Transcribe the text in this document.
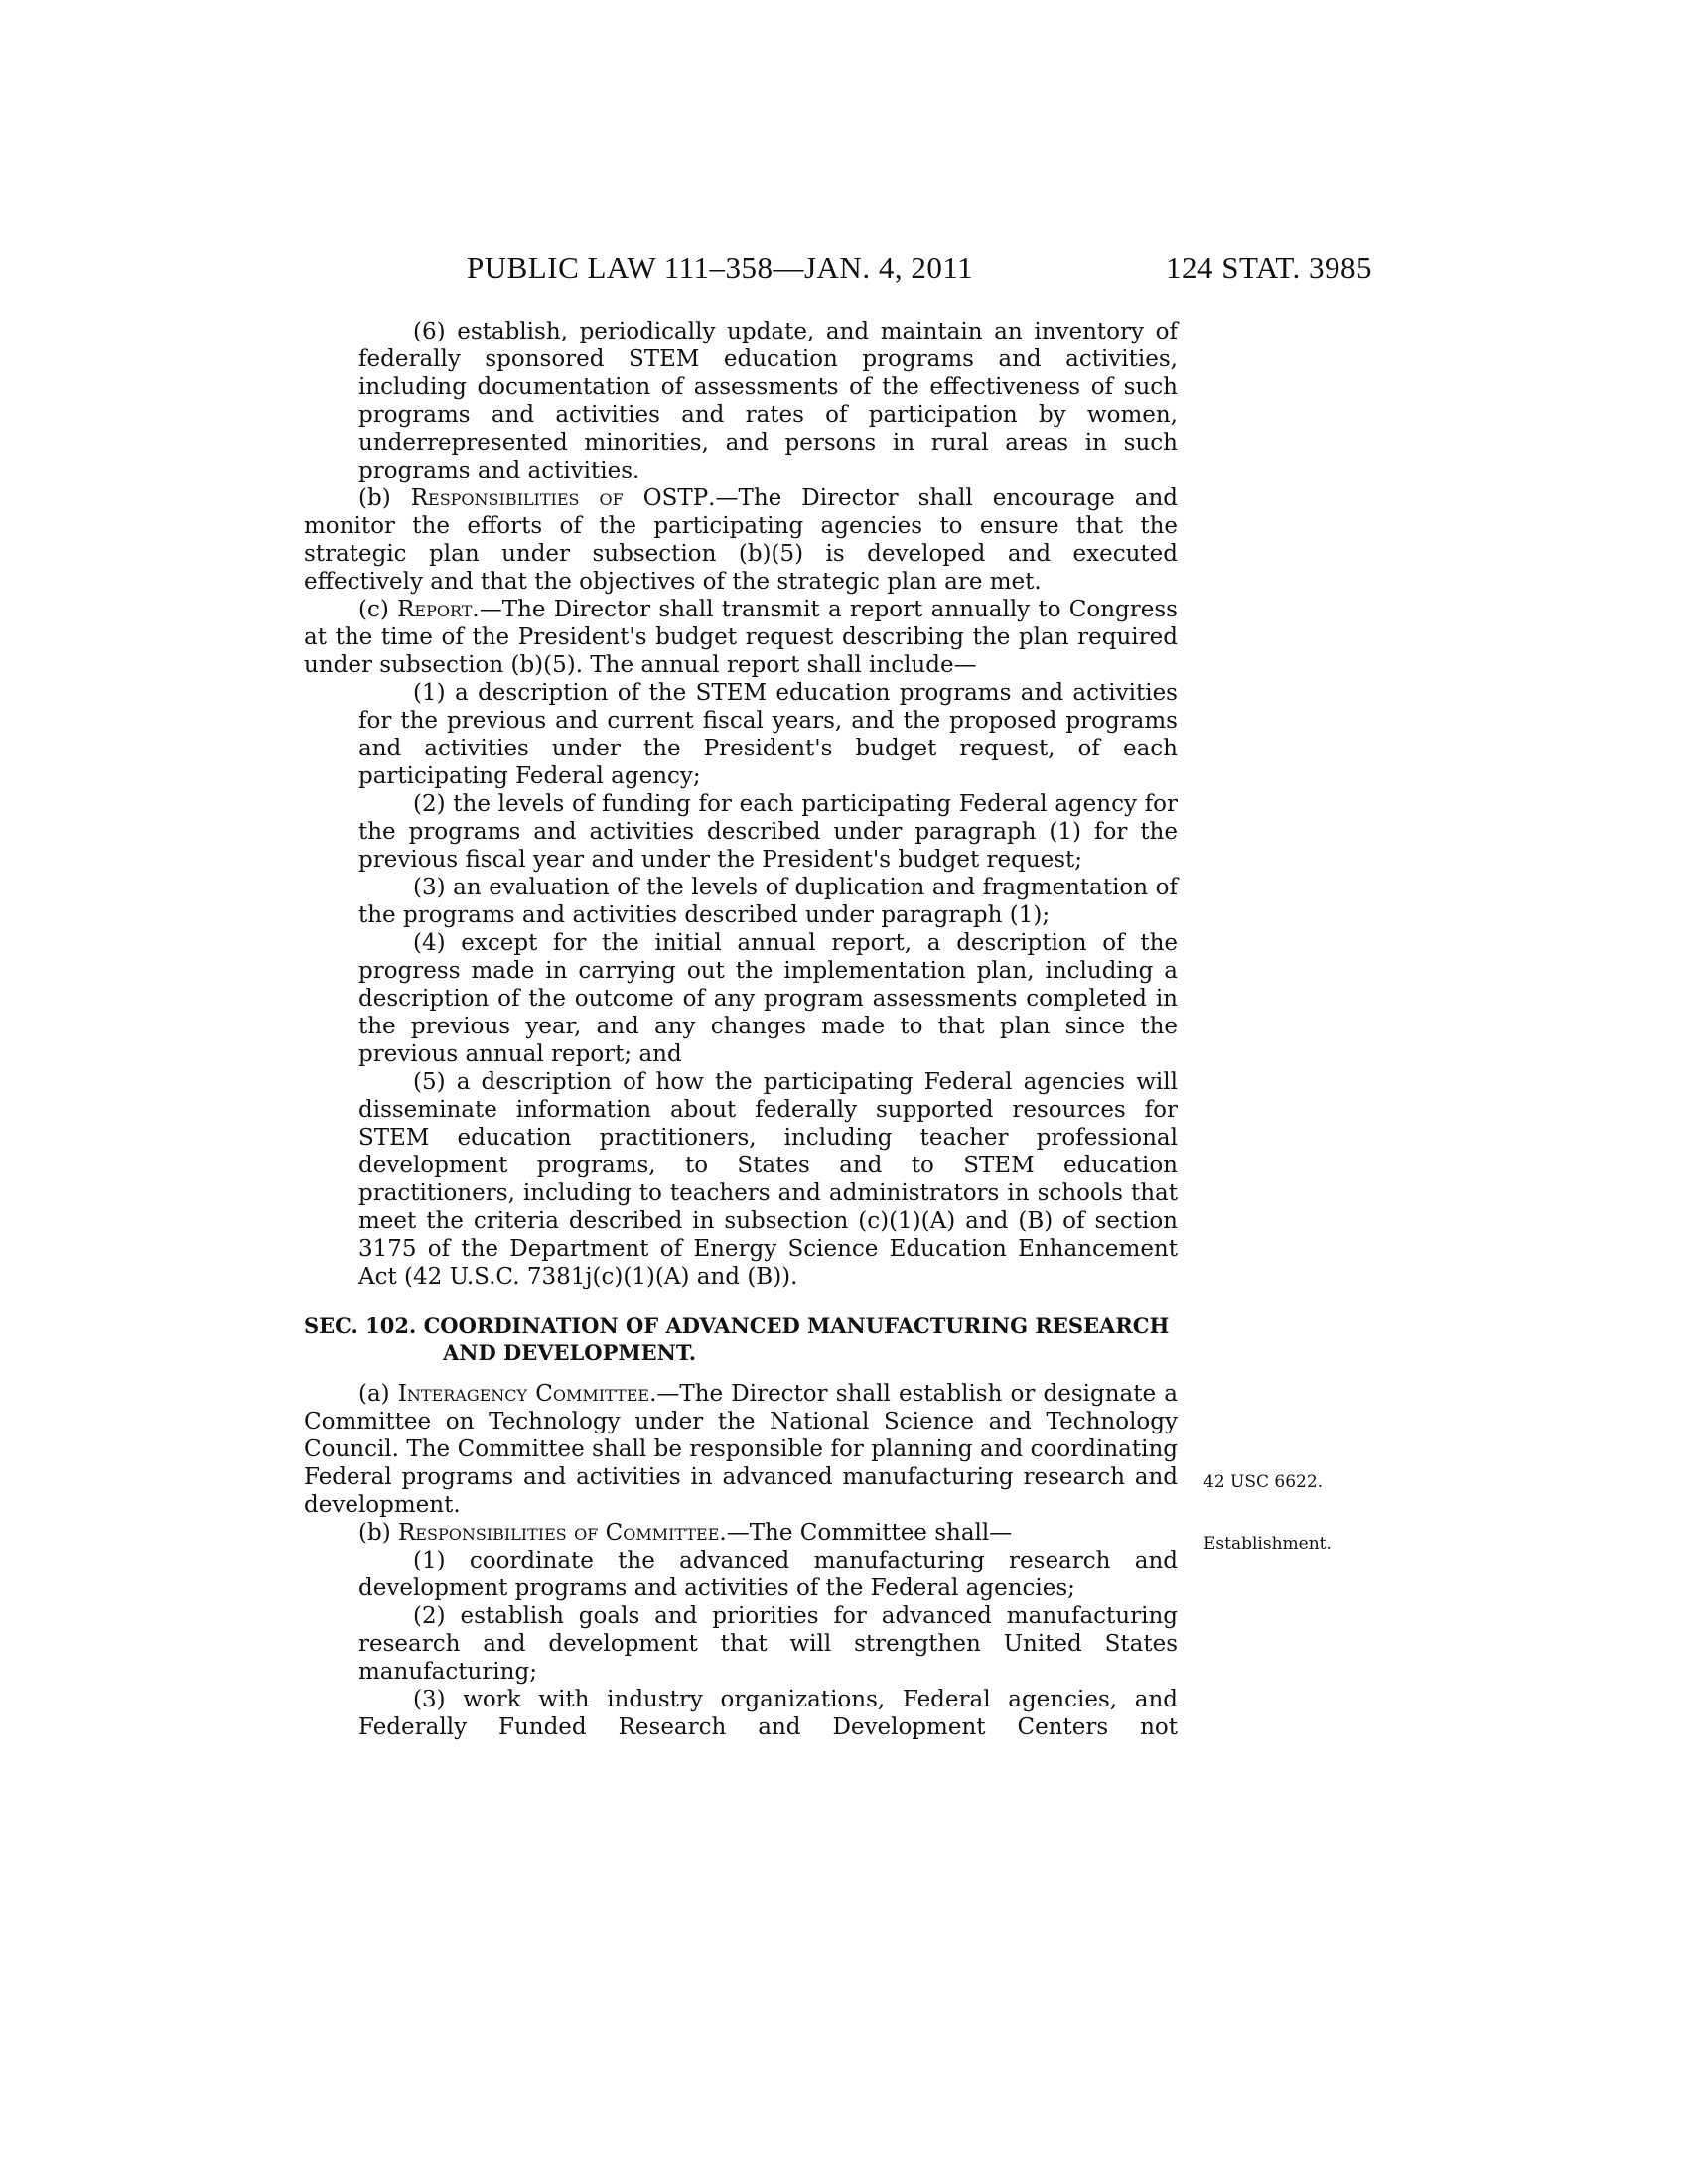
PUBLIC LAW 111–358—JAN. 4, 2011	124 STAT. 3985

(6) establish, periodically update, and maintain an inventory of federally sponsored STEM education programs and activities, including documentation of assessments of the effectiveness of such programs and activities and rates of participation by women, underrepresented minorities, and persons in rural areas in such programs and activities.

(b) Responsibilities of OSTP.—The Director shall encourage and monitor the efforts of the participating agencies to ensure that the strategic plan under subsection (b)(5) is developed and executed effectively and that the objectives of the strategic plan are met.

(c) Report.—The Director shall transmit a report annually to Congress at the time of the President's budget request describing the plan required under subsection (b)(5). The annual report shall include—

(1) a description of the STEM education programs and activities for the previous and current fiscal years, and the proposed programs and activities under the President's budget request, of each participating Federal agency;

(2) the levels of funding for each participating Federal agency for the programs and activities described under paragraph (1) for the previous fiscal year and under the President's budget request;

(3) an evaluation of the levels of duplication and fragmentation of the programs and activities described under paragraph (1);

(4) except for the initial annual report, a description of the progress made in carrying out the implementation plan, including a description of the outcome of any program assessments completed in the previous year, and any changes made to that plan since the previous annual report; and

(5) a description of how the participating Federal agencies will disseminate information about federally supported resources for STEM education practitioners, including teacher professional development programs, to States and to STEM education practitioners, including to teachers and administrators in schools that meet the criteria described in subsection (c)(1)(A) and (B) of section 3175 of the Department of Energy Science Education Enhancement Act (42 U.S.C. 7381j(c)(1)(A) and (B)).

SEC. 102. COORDINATION OF ADVANCED MANUFACTURING RESEARCH AND DEVELOPMENT.

(a) Interagency Committee.—The Director shall establish or designate a Committee on Technology under the National Science and Technology Council. The Committee shall be responsible for planning and coordinating Federal programs and activities in advanced manufacturing research and development.

(b) Responsibilities of Committee.—The Committee shall—

(1) coordinate the advanced manufacturing research and development programs and activities of the Federal agencies;

(2) establish goals and priorities for advanced manufacturing research and development that will strengthen United States manufacturing;

(3) work with industry organizations, Federal agencies, and Federally Funded Research and Development Centers not

42 USC 6622.
Establishment.
